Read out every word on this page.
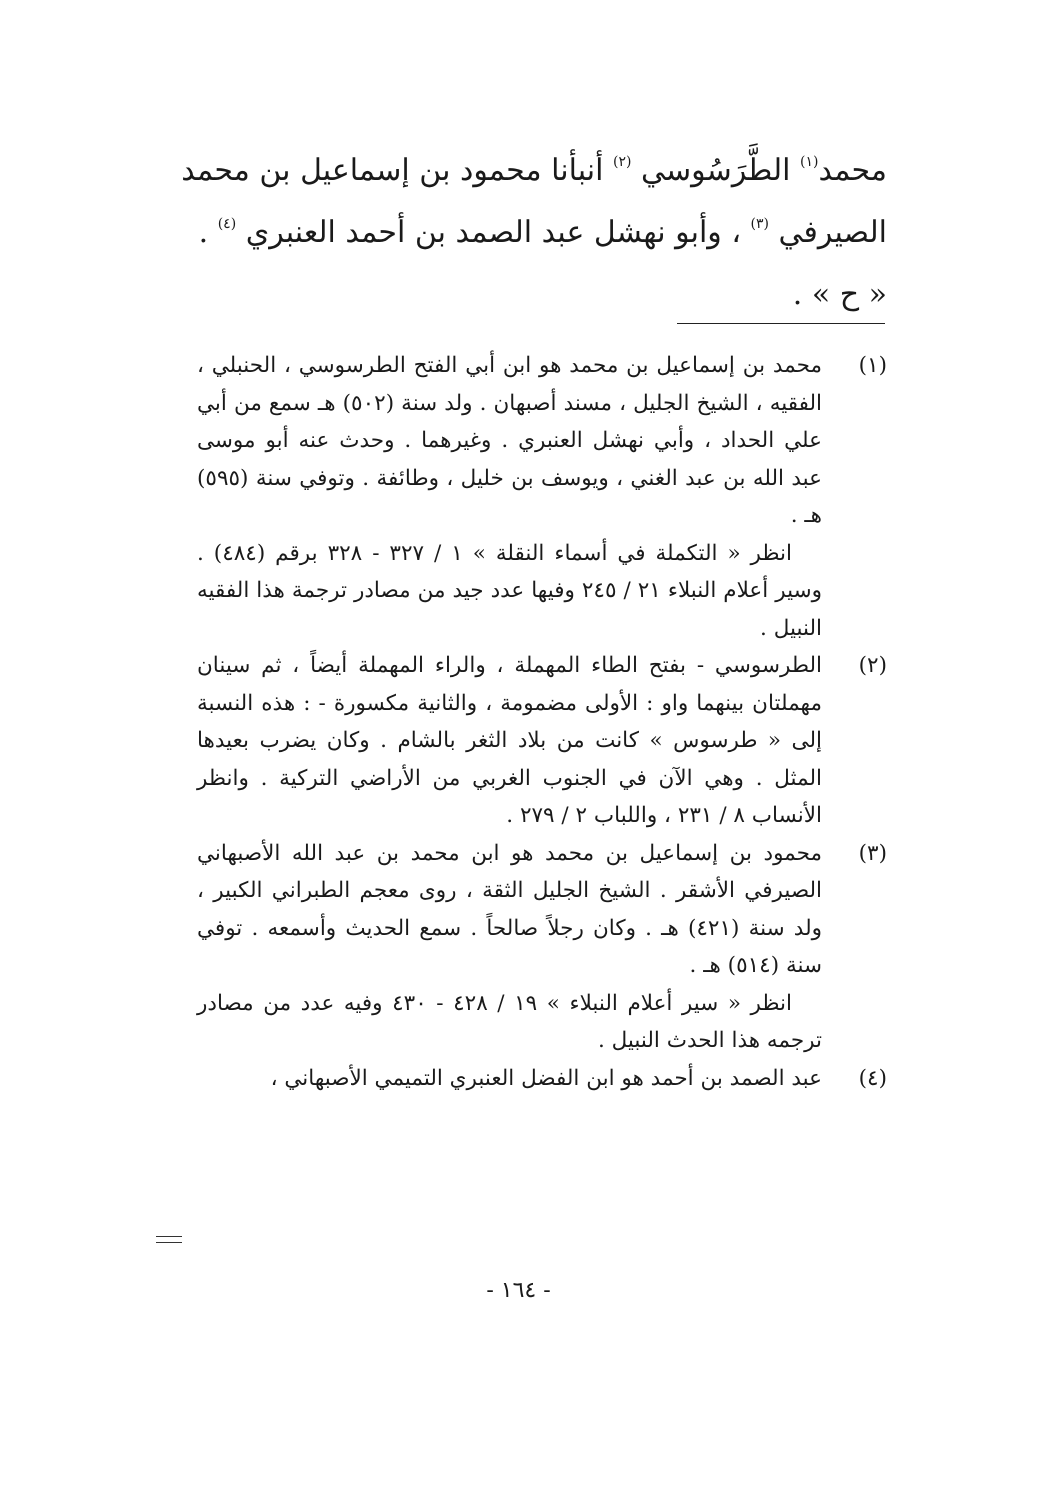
محمد$^{(١)}$ الطَّرَسُوسي $^{(٢)}$ أنبأنا محمود بن إسماعيل بن محمد

الصيرفي $^{(٣)}$ ، وأبو نهشل عبد الصمد بن أحمد العنبري $^{(٤)}$ .

« ح » .

(١)

محمد بن إسماعيل بن محمد هو ابن أبي الفتح الطرسوسي ، الحنبلي ، الفقيه ، الشيخ الجليل ، مسند أصبهان . ولد سنة (٥٠٢) هـ سمع من أبي علي الحداد ، وأبي نهشل العنبري . وغيرهما . وحدث عنه أبو موسى عبد الله بن عبد الغني ، ويوسف بن خليل ، وطائفة . وتوفي سنة (٥٩٥) هـ .

انظر « التكملة في أسماء النقلة » ١ / ٣٢٧ - ٣٢٨ برقم (٤٨٤) . وسير أعلام النبلاء ٢١ / ٢٤٥ وفيها عدد جيد من مصادر ترجمة هذا الفقيه النبيل .

(٢)

الطرسوسي - بفتح الطاء المهملة ، والراء المهملة أيضاً ، ثم سينان مهملتان بينهما واو : الأولى مضمومة ، والثانية مكسورة - : هذه النسبة إلى « طرسوس » كانت من بلاد الثغر بالشام . وكان يضرب بعيدها المثل . وهي الآن في الجنوب الغربي من الأراضي التركية . وانظر الأنساب ٨ / ٢٣١ ، واللباب ٢ / ٢٧٩ .

(٣)

محمود بن إسماعيل بن محمد هو ابن محمد بن عبد الله الأصبهاني الصيرفي الأشقر . الشيخ الجليل الثقة ، روى معجم الطبراني الكبير ، ولد سنة (٤٢١) هـ . وكان رجلاً صالحاً . سمع الحديث وأسمعه . توفي سنة (٥١٤) هـ .

انظر « سير أعلام النبلاء » ١٩ / ٤٢٨ - ٤٣٠ وفيه عدد من مصادر ترجمه هذا الحدث النبيل .

(٤)

عبد الصمد بن أحمد هو ابن الفضل العنبري التميمي الأصبهاني ،

- ١٦٤ -
